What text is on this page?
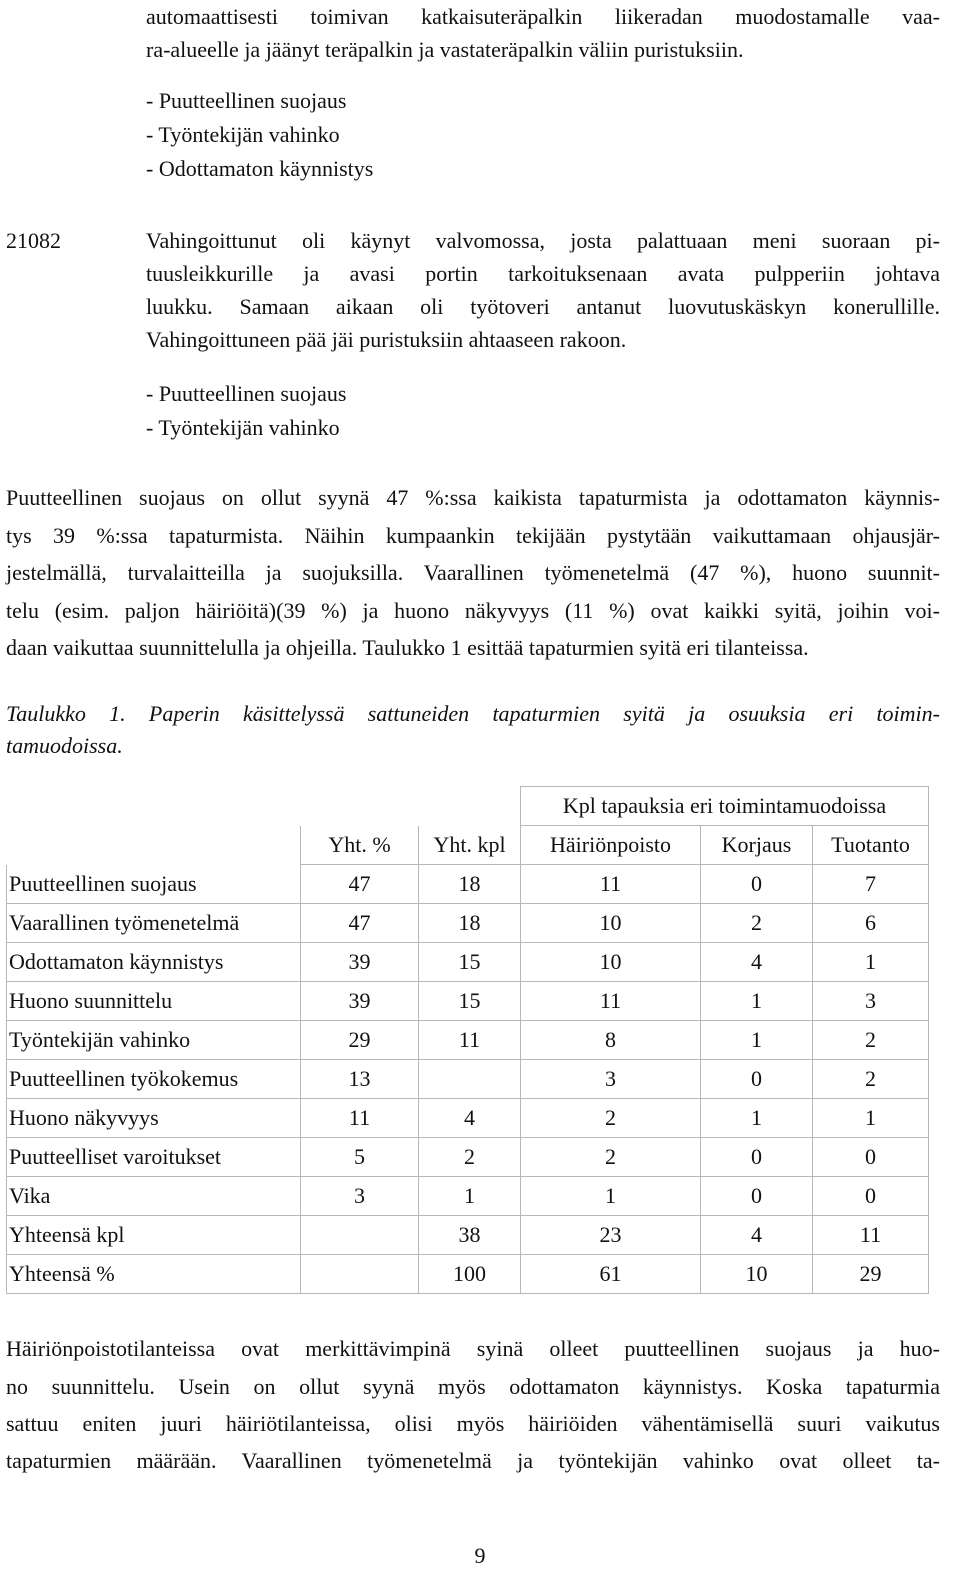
automaattisesti toimivan katkaisuteräpalkin liikeradan muodostamalle vaa-
ra-alueelle ja jäänyt teräpalkin ja vastateräpalkin väliin puristuksiin.
- Puutteellinen suojaus
- Työntekijän vahinko
- Odottamaton käynnistys
21082	Vahingoittunut oli käynyt valvomossa, josta palattuaan meni suoraan pi-
tuusleikkurille ja avasi portin tarkoituksenaan avata pulpperiin johtava
luukku. Samaan aikaan oli työtoveri antanut luovutuskäskyn konerullille.
Vahingoittuneen pää jäi puristuksiin ahtaaseen rakoon.
- Puutteellinen suojaus
- Työntekijän vahinko
Puutteellinen suojaus on ollut syynä 47 %:ssa kaikista tapaturmista ja odottamaton käynnis-
tys 39 %:ssa tapaturmista. Näihin kumpaankin tekijään pystytään vaikuttamaan ohjausjär-
jestelmällä, turvalaitteilla ja suojuksilla. Vaarallinen työmenetelmä (47 %), huono suunnit-
telu (esim. paljon häiriöitä)(39 %) ja huono näkyvyys (11 %) ovat kaikki syitä, joihin voi-
daan vaikuttaa suunnittelulla ja ohjeilla. Taulukko 1 esittää tapaturmien syitä eri tilanteissa.
Taulukko 1. Paperin käsittelyssä sattuneiden tapaturmien syitä ja osuuksia eri toimin-
tamuodoissa.
			Kpl tapauksia eri toimintamuodoissa		
	Yht. %	Yht. kpl	Häiriönpoisto	Korjaus	Tuotanto
Puutteellinen suojaus	47	18	11	0	7
Vaarallinen työmenetelmä	47	18	10	2	6
Odottamaton käynnistys	39	15	10	4	1
Huono suunnittelu	39	15	11	1	3
Työntekijän vahinko	29	11	8	1	2
Puutteellinen työkokemus	13		3	0	2
Huono näkyvyys	11	4	2	1	1
Puutteelliset varoitukset	5	2	2	0	0
Vika	3	1	1	0	0
Yhteensä kpl		38	23	4	11
Yhteensä %		100	61	10	29
Häiriönpoistotilanteissa ovat merkittävimpinä syinä olleet puutteellinen suojaus ja huo-
no suunnittelu. Usein on ollut syynä myös odottamaton käynnistys. Koska tapaturmia
sattuu eniten juuri häiriötilanteissa, olisi myös häiriöiden vähentämisellä suuri vaikutus
tapaturmien määrään. Vaarallinen työmenetelmä ja työntekijän vahinko ovat olleet ta-
9
